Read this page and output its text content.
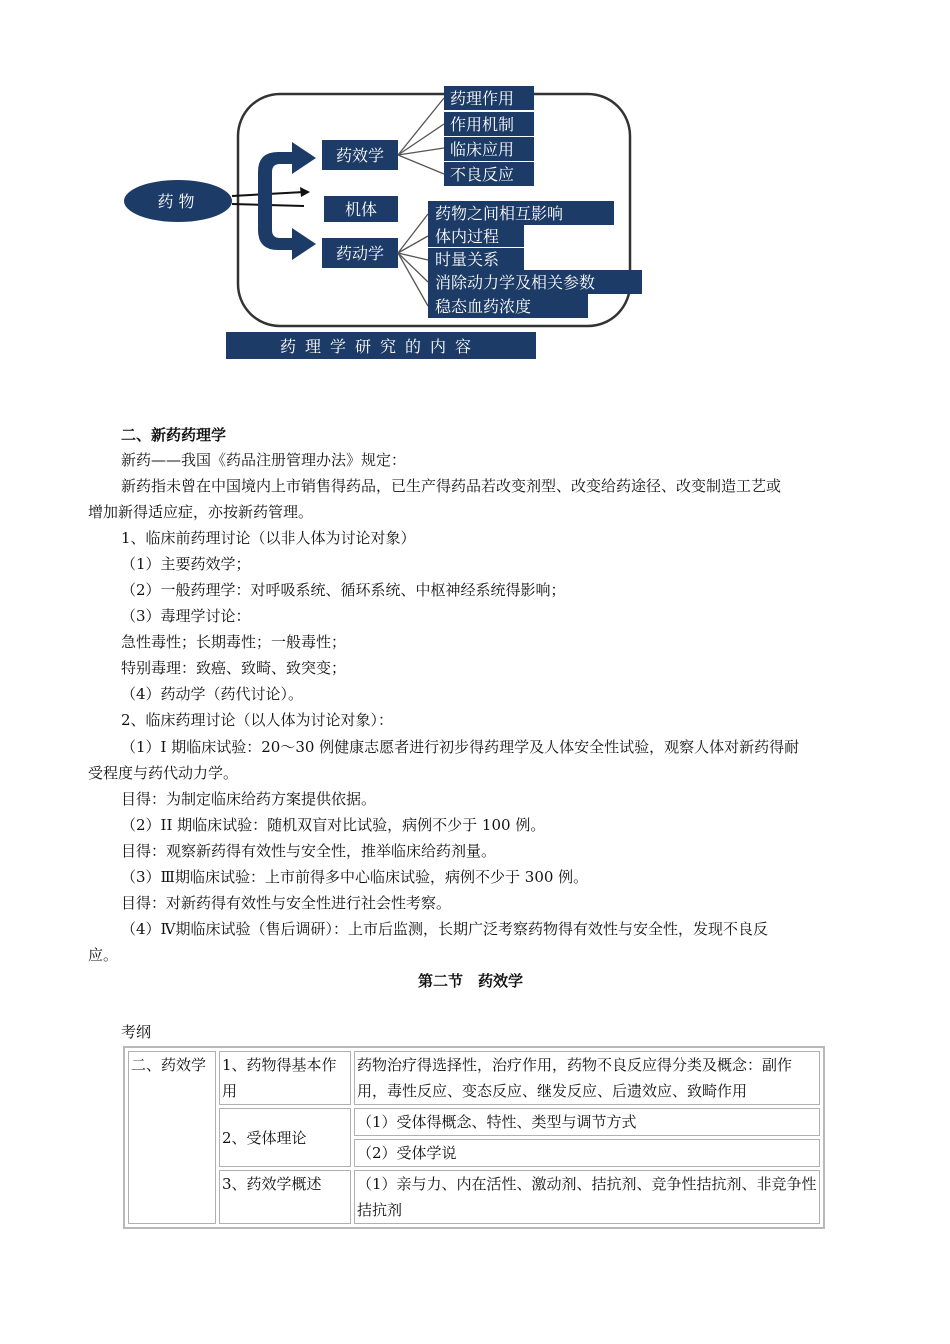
药 物
药效学
机体
药动学
药理作用
作用机制
临床应用
不良反应
药物之间相互影响
体内过程
时量关系
消除动力学及相关参数
稳态血药浓度
药理学研究的内容
二、新药药理学
新药——我国《药品注册管理办法》规定：
新药指未曾在中国境内上市销售得药品，已生产得药品若改变剂型、改变给药途径、改变制造工艺或
增加新得适应症，亦按新药管理。
1、临床前药理讨论（以非人体为讨论对象）
（1）主要药效学；
（2）一般药理学：对呼吸系统、循环系统、中枢神经系统得影响；
（3）毒理学讨论：
急性毒性；长期毒性；一般毒性；
特别毒理：致癌、致畸、致突变；
（4）药动学（药代讨论）。
2、临床药理讨论（以人体为讨论对象）：
（1）I 期临床试验：20～30 例健康志愿者进行初步得药理学及人体安全性试验，观察人体对新药得耐
受程度与药代动力学。
目得：为制定临床给药方案提供依据。
（2）II 期临床试验：随机双盲对比试验，病例不少于 100 例。
目得：观察新药得有效性与安全性，推举临床给药剂量。
（3）Ⅲ期临床试验：上市前得多中心临床试验，病例不少于 300 例。
目得：对新药得有效性与安全性进行社会性考察。
（4）Ⅳ期临床试验（售后调研）：上市后监测，长期广泛考察药物得有效性与安全性，发现不良反
应。
第二节　药效学
考纲
二、药效学	1、药物得基本作用	药物治疗得选择性，治疗作用，药物不良反应得分类及概念：副作用，毒性反应、变态反应、继发反应、后遗效应、致畸作用
	2、受体理论	（1）受体得概念、特性、类型与调节方式
		（2）受体学说
	3、药效学概述	（1）亲与力、内在活性、激动剂、拮抗剂、竞争性拮抗剂、非竞争性拮抗剂
